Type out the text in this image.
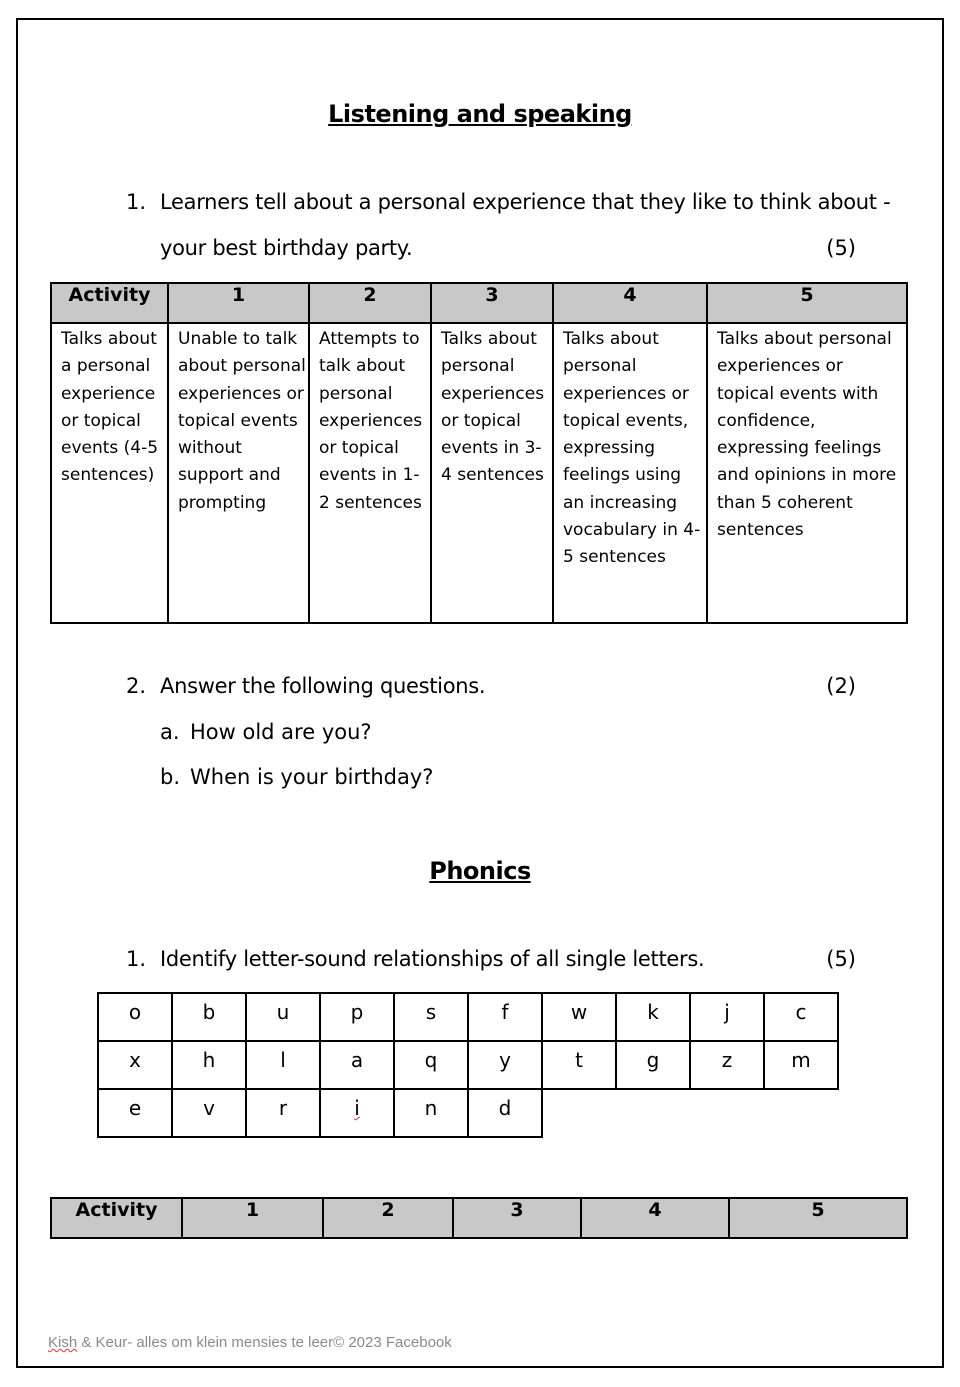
Listening and speaking
1. Learners tell about a personal experience that they like to think about -
your best birthday party.	(5)
Activity	1	2	3	4	5
Talks about a personal experience or topical events (4-5 sentences)	Unable to talk about personal experiences or topical events without support and prompting	Attempts to talk about personal experiences or topical events in 1-2 sentences	Talks about personal experiences or topical events in 3-4 sentences	Talks about personal experiences or topical events, expressing feelings using an increasing vocabulary in 4-5 sentences	Talks about personal experiences or topical events with confidence, expressing feelings and opinions in more than 5 coherent sentences
2. Answer the following questions.	(2)
a. How old are you?
b. When is your birthday?
Phonics
1. Identify letter-sound relationships of all single letters.	(5)
o	b	u	p	s	f	w	k	j	c
x	h	l	a	q	y	t	g	z	m
e	v	r	i	n	d				
Activity	1	2	3	4	5
Kish & Keur- alles om klein mensies te leer© 2023 Facebook
